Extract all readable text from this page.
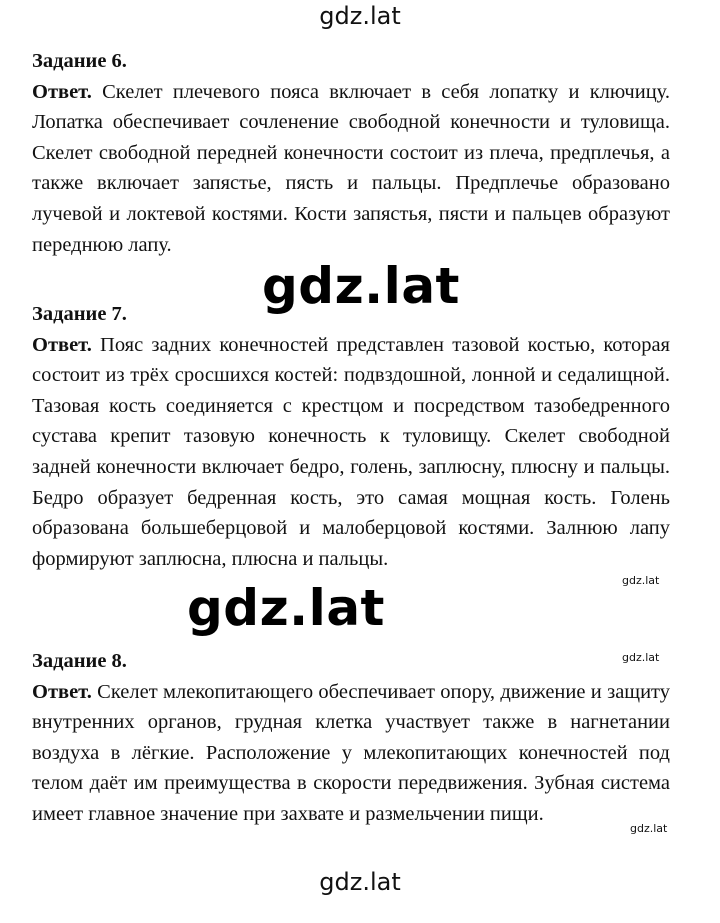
gdz.lat

Задание 6.

Ответ. Скелет плечевого пояса включает в себя лопатку и ключицу. Лопатка обеспечивает сочленение свободной конечности и туловища. Скелет свободной передней конечности состоит из плеча, предплечья, а также включает запястье, пясть и пальцы. Предплечье образовано лучевой и локтевой костями. Кости запястья, пясти и пальцев образуют переднюю лапу.

Задание 7.

Ответ. Пояс задних конечностей представлен тазовой костью, которая состоит из трёх сросшихся костей: подвздошной, лонной и седалищной. Тазовая кость соединяется с крестцом и посредством тазобедренного сустава крепит тазовую конечность к туловищу. Скелет свободной задней конечности включает бедро, голень, заплюсну, плюсну и пальцы. Бедро образует бедренная кость, это самая мощная кость. Голень образована большеберцовой и малоберцовой костями. Залнюю лапу формируют заплюсна, плюсна и пальцы.

Задание 8.

Ответ. Скелет млекопитающего обеспечивает опору, движение и защиту внутренних органов, грудная клетка участвует также в нагнетании воздуха в лёгкие. Расположение у млекопитающих конечностей под телом даёт им преимущества в скорости передвижения. Зубная система имеет главное значение при захвате и размельчении пищи.

gdz.lat
gdz.lat	gdz.lat
gdz.lat
gdz.lat
gdz.lat
